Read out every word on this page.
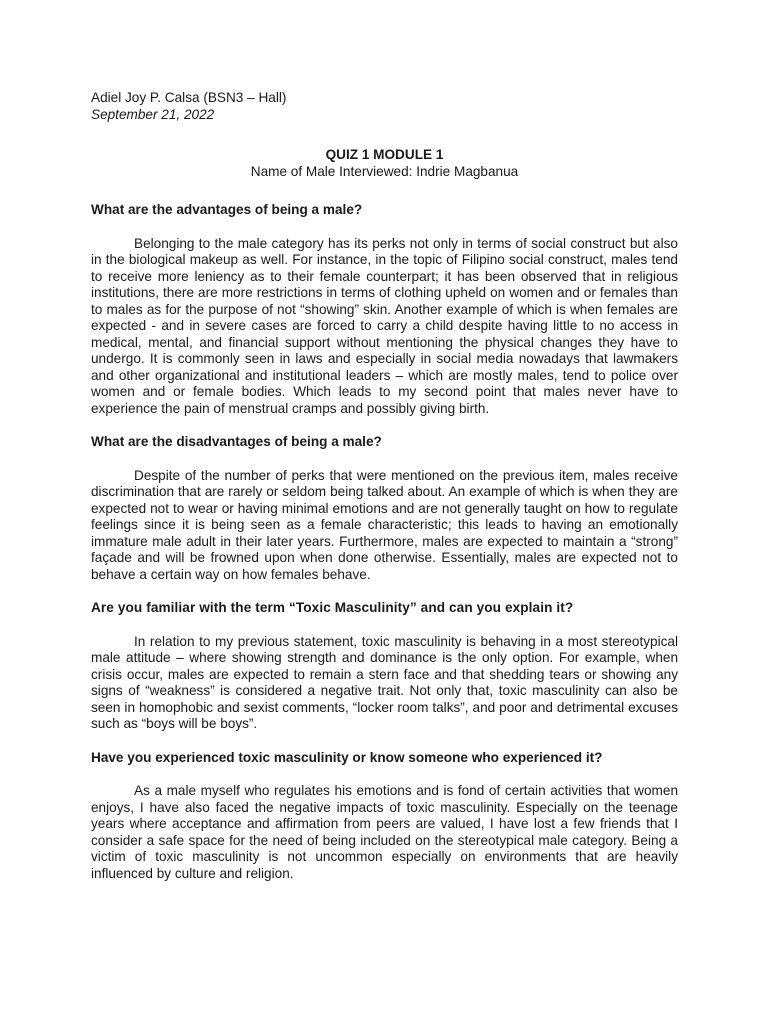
Adiel Joy P. Calsa (BSN3 – Hall)

September 21, 2022

QUIZ 1 MODULE 1

Name of Male Interviewed: Indrie Magbanua

What are the advantages of being a male?

Belonging to the male category has its perks not only in terms of social construct but also in the biological makeup as well. For instance, in the topic of Filipino social construct, males tend to receive more leniency as to their female counterpart; it has been observed that in religious institutions, there are more restrictions in terms of clothing upheld on women and or females than to males as for the purpose of not “showing” skin. Another example of which is when females are expected - and in severe cases are forced to carry a child despite having little to no access in medical, mental, and financial support without mentioning the physical changes they have to undergo. It is commonly seen in laws and especially in social media nowadays that lawmakers and other organizational and institutional leaders – which are mostly males, tend to police over women and or female bodies. Which leads to my second point that males never have to experience the pain of menstrual cramps and possibly giving birth.

What are the disadvantages of being a male?

Despite of the number of perks that were mentioned on the previous item, males receive discrimination that are rarely or seldom being talked about. An example of which is when they are expected not to wear or having minimal emotions and are not generally taught on how to regulate feelings since it is being seen as a female characteristic; this leads to having an emotionally immature male adult in their later years. Furthermore, males are expected to maintain a “strong” façade and will be frowned upon when done otherwise. Essentially, males are expected not to behave a certain way on how females behave.

Are you familiar with the term “Toxic Masculinity” and can you explain it?

In relation to my previous statement, toxic masculinity is behaving in a most stereotypical male attitude – where showing strength and dominance is the only option. For example, when crisis occur, males are expected to remain a stern face and that shedding tears or showing any signs of “weakness” is considered a negative trait. Not only that, toxic masculinity can also be seen in homophobic and sexist comments, “locker room talks”, and poor and detrimental excuses such as “boys will be boys”.

Have you experienced toxic masculinity or know someone who experienced it?

As a male myself who regulates his emotions and is fond of certain activities that women enjoys, I have also faced the negative impacts of toxic masculinity. Especially on the teenage years where acceptance and affirmation from peers are valued, I have lost a few friends that I consider a safe space for the need of being included on the stereotypical male category. Being a victim of toxic masculinity is not uncommon especially on environments that are heavily influenced by culture and religion.
